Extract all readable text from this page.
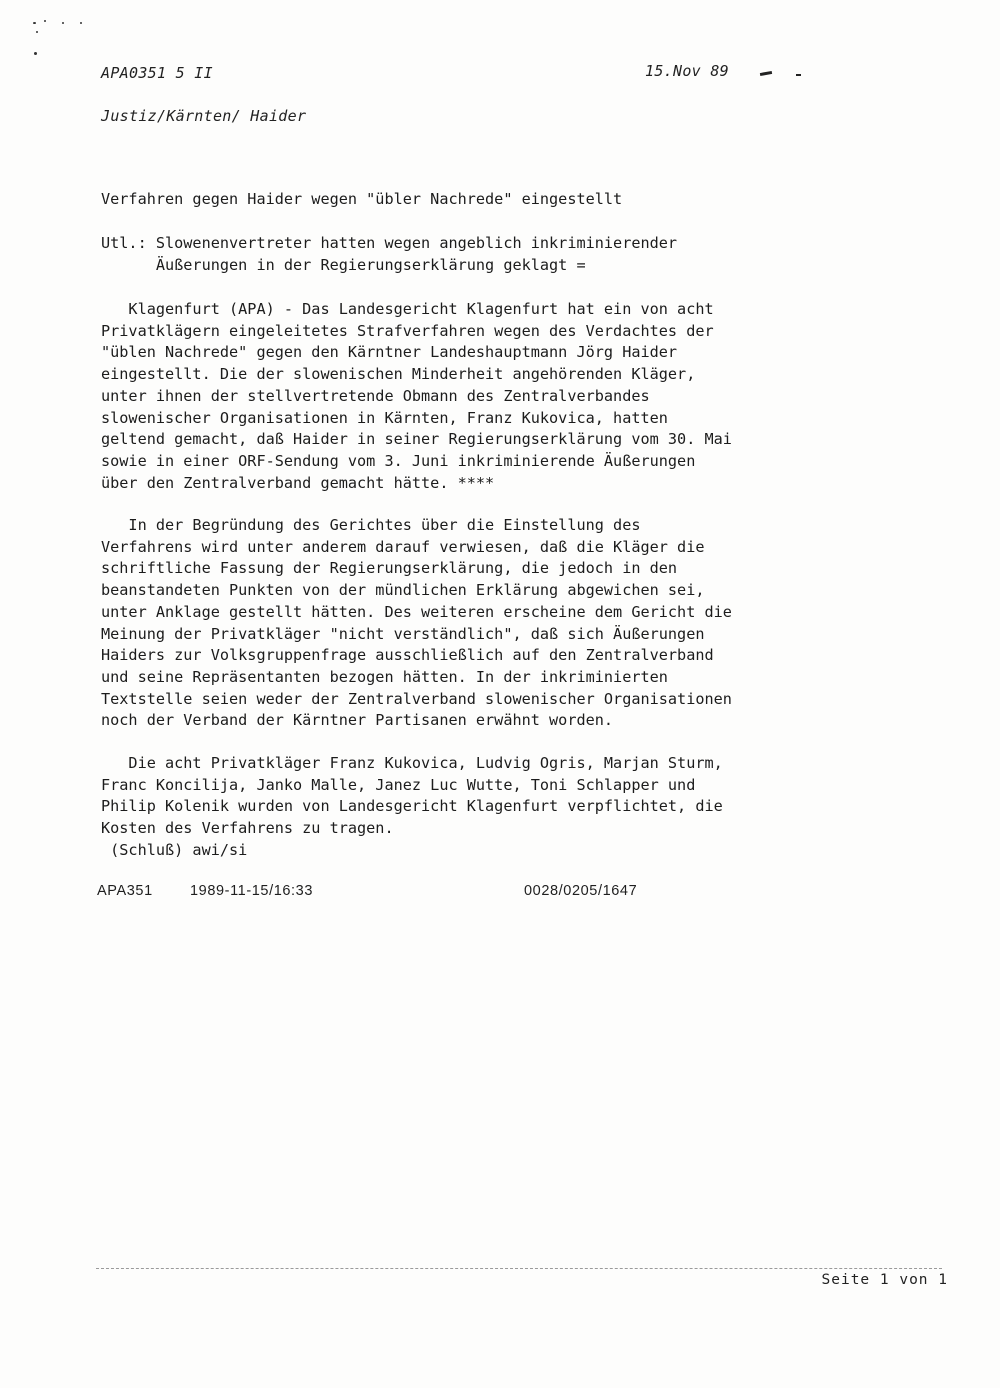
APA0351 5 II	15.Nov 89
Justiz/Kärnten/ Haider
Verfahren gegen Haider wegen "übler Nachrede" eingestellt
Utl.: Slowenenvertreter hatten wegen angeblich inkriminierender
Äußerungen in der Regierungserklärung geklagt =
Klagenfurt (APA) - Das Landesgericht Klagenfurt hat ein von acht
Privatklägern eingeleitetes Strafverfahren wegen des Verdachtes der
"üblen Nachrede" gegen den Kärntner Landeshauptmann Jörg Haider
eingestellt. Die der slowenischen Minderheit angehörenden Kläger,
unter ihnen der stellvertretende Obmann des Zentralverbandes
slowenischer Organisationen in Kärnten, Franz Kukovica, hatten
geltend gemacht, daß Haider in seiner Regierungserklärung vom 30. Mai
sowie in einer ORF-Sendung vom 3. Juni inkriminierende Äußerungen
über den Zentralverband gemacht hätte. ****
In der Begründung des Gerichtes über die Einstellung des
Verfahrens wird unter anderem darauf verwiesen, daß die Kläger die
schriftliche Fassung der Regierungserklärung, die jedoch in den
beanstandeten Punkten von der mündlichen Erklärung abgewichen sei,
unter Anklage gestellt hätten. Des weiteren erscheine dem Gericht die
Meinung der Privatkläger "nicht verständlich", daß sich Äußerungen
Haiders zur Volksgruppenfrage ausschließlich auf den Zentralverband
und seine Repräsentanten bezogen hätten. In der inkriminierten
Textstelle seien weder der Zentralverband slowenischer Organisationen
noch der Verband der Kärntner Partisanen erwähnt worden.
Die acht Privatkläger Franz Kukovica, Ludvig Ogris, Marjan Sturm,
Franc Koncilija, Janko Malle, Janez Luc Wutte, Toni Schlapper und
Philip Kolenik wurden von Landesgericht Klagenfurt verpflichtet, die
Kosten des Verfahrens zu tragen.
(Schluß) awi/si
APA351	1989-11-15/16:33	0028/0205/1647
Seite 1 von 1
